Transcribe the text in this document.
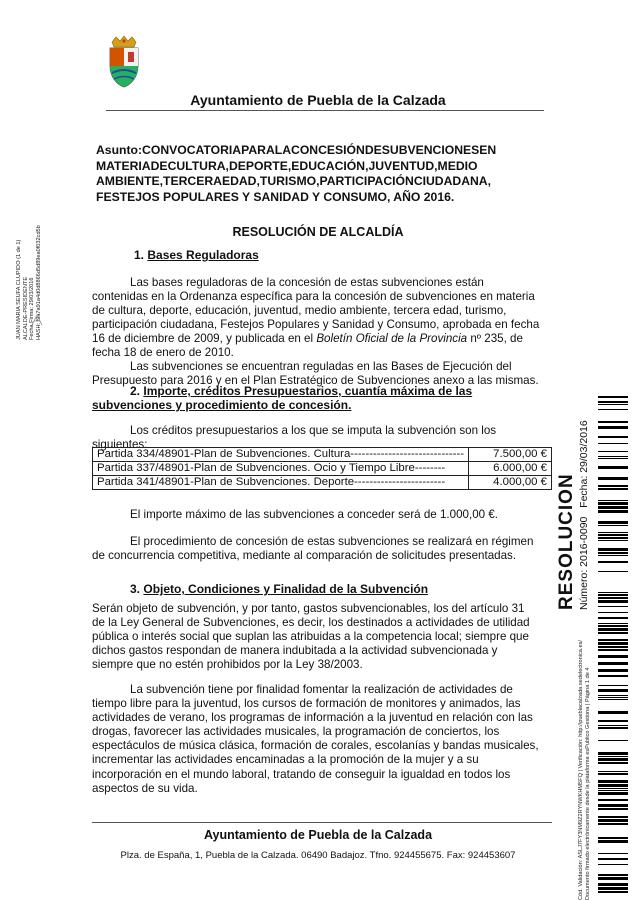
Ayuntamiento de Puebla de la Calzada
JUAN MARIA SEUFA CLUPIDO (1 de 1) ALCALDE-PRESIDENTE Fecha Firma: 29/03/2016 HASH: f9a7a91a4d0d8866d5d89ea0f032cd5b
Asunto:CONVOCATORIAPARALACONCESIÓNDESUBVENCIONESEN
MATERIADECULTURA,DEPORTE,EDUCACIÓN,JUVENTUD,MEDIO
AMBIENTE,TERCERAEDAD,TURISMO,PARTICIPACIÓNCIUDADANA,
FESTEJOS POPULARES Y SANIDAD Y CONSUMO, AÑO 2016.
RESOLUCIÓN DE ALCALDÍA
1. Bases Reguladoras
Las bases reguladoras de la concesión de estas subvenciones están
contenidas en la Ordenanza específica para la concesión de subvenciones en materia
de cultura, deporte, educación, juventud, medio ambiente, tercera edad, turismo,
participación ciudadana, Festejos Populares y Sanidad y Consumo, aprobada en fecha
16 de diciembre de 2009, y publicada en el Boletín Oficial de la Provincia nº 235, de
fecha 18 de enero de 2010.
Las subvenciones se encuentran reguladas en las Bases de Ejecución del
Presupuesto para 2016 y en el Plan Estratégico de Subvenciones anexo a las mismas.
2.
Importe, créditos Presupuestarios, cuantía máxima de las
subvenciones y procedimiento de concesión.
Los créditos presupuestarios a los que se imputa la subvención son los
siguientes:
Partida 334/48901-Plan de Subvenciones. Cultura------------------------------	7.500,00 €
Partida 337/48901-Plan de Subvenciones. Ocio y Tiempo Libre--------	6.000,00 €
Partida 341/48901-Plan de Subvenciones. Deporte------------------------	4.000,00 €
El importe máximo de las subvenciones a conceder será de 1.000,00 €.
El procedimiento de concesión de estas subvenciones se realizará en régimen
de concurrencia competitiva, mediante al comparación de solicitudes presentadas.
3. Objeto, Condiciones y Finalidad de la Subvención
Serán objeto de subvención, y por tanto, gastos subvencionables, los del artículo 31
de la Ley General de Subvenciones, es decir, los destinados a actividades de utilidad
pública o interés social que suplan las atribuidas a la competencia local; siempre que
dichos gastos respondan de manera indubitada a la actividad subvencionada y
siempre que no estén prohibidos por la Ley 38/2003.
La subvención tiene por finalidad fomentar la realización de actividades de
tiempo libre para la juventud, los cursos de formación de monitores y animados, las
actividades de verano, los programas de información a la juventud en relación con las
drogas, favorecer las actividades musicales, la programación de conciertos, los
espectáculos de música clásica, formación de corales, escolanías y bandas musicales,
incrementar las actividades encaminadas a la promoción de la mujer y a su
incorporación en el mundo laboral, tratando de conseguir la igualdad en todos los
aspectos de su vida.
Ayuntamiento de Puebla de la Calzada
Plza. de España, 1, Puebla de la Calzada. 06490 Badajoz. Tfno. 924455675. Fax: 924453607
RESOLUCION Número: 2016-0090   Fecha: 29/03/2016
Cód. Validación: ASLJ7FY3NM9Z2RYNWKHM5FQ | Verificación: http://pueblacalzada.sedelectronica.es/ Documento firmado electrónicamente desde la plataforma esPublico Gestiona | Página 1 de 4
